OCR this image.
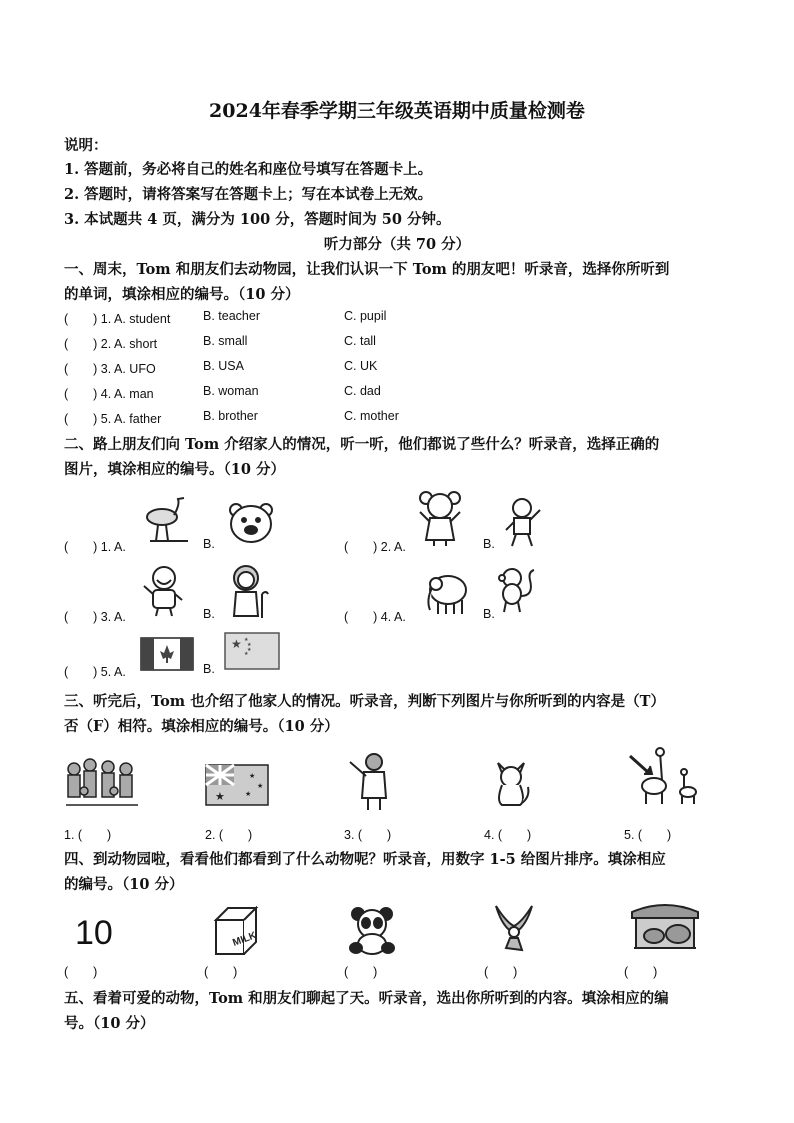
2024年春季学期三年级英语期中质量检测卷
说明：
1. 答题前，务必将自己的姓名和座位号填写在答题卡上。
2. 答题时，请将答案写在答题卡上；写在本试卷上无效。
3. 本试题共 4 页，满分为 100 分，答题时间为 50 分钟。
听力部分（共 70 分）
一、周末，Tom 和朋友们去动物园，让我们认识一下 Tom 的朋友吧！听录音，选择你所听到
的单词，填涂相应的编号。（10 分）
(　　) 1. A. student	B. teacher	C. pupil
(　　) 2. A. short	B. small	C. tall
(　　) 3. A. UFO	B. USA	C. UK
(　　) 4. A. man	B. woman	C. dad
(　　) 5. A. father	B. brother	C. mother
二、路上朋友们向 Tom 介绍家人的情况，听一听，他们都说了些什么？听录音，选择正确的
图片，填涂相应的编号。（10 分）
(　　) 1. A.	B.	(　　) 2. A.	B.
(　　) 3. A.	B.	(　　) 4. A.	B.
(　　) 5. A.	B.
★ ★
★
★
★
三、听完后，Tom 也介绍了他家人的情况。听录音，判断下列图片与你所听到的内容是（T）
否（F）相符。填涂相应的编号。（10 分）
★
★
★
★
1. (　　)	2. (　　)	3. (　　)	4. (　　)	5. (　　)
四、到动物园啦，看看他们都看到了什么动物呢？听录音，用数字 1-5 给图片排序。填涂相应
的编号。（10 分）
10	MILK
(　　)	(　　)	(　　)	(　　)	(　　)
五、看着可爱的动物，Tom 和朋友们聊起了天。听录音，选出你所听到的内容。填涂相应的编
号。（10 分）
